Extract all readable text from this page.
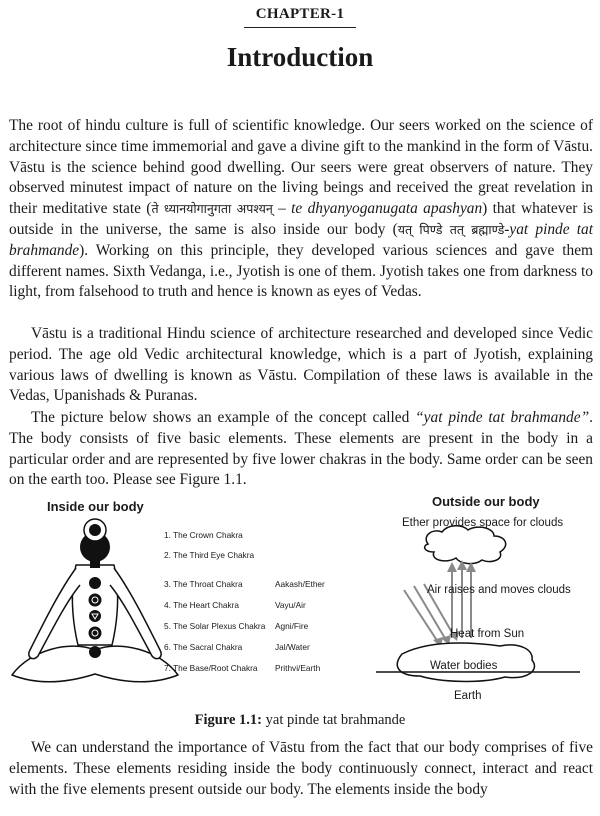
CHAPTER-1
Introduction

The root of hindu culture is full of scientific knowledge. Our seers worked on the science of architecture since time immemorial and gave a divine gift to the mankind in the form of Vāstu. Vāstu is the science behind good dwelling. Our seers were great observers of nature. They observed minutest impact of nature on the living beings and received the great revelation in their meditative state (ते ध्यानयोगानुगता अपश्यन् – te dhyanyoganugata apashyan) that whatever is outside in the universe, the same is also inside our body (यत् पिण्डे तत् ब्रह्माण्डे-yat pinde tat brahmande). Working on this principle, they developed various sciences and gave them different names. Sixth Vedanga, i.e., Jyotish is one of them. Jyotish takes one from darkness to light, from falsehood to truth and hence is known as eyes of Vedas.

Vāstu is a traditional Hindu science of architecture researched and developed since Vedic period. The age old Vedic architectural knowledge, which is a part of Jyotish, explaining various laws of dwelling is known as Vāstu. Compilation of these laws is available in the Vedas, Upanishads & Puranas.

The picture below shows an example of the concept called “yat pinde tat brahmande”. The body consists of five basic elements. These elements are present in the body in a particular order and are represented by five lower chakras in the body. Same order can be seen on the earth too. Please see Figure 1.1.

Inside our body	Outside our body
1. The Crown Chakra
2. The Third Eye Chakra
3. The Throat Chakra	Aakash/Ether
4. The Heart Chakra	Vayu/Air
5. The Solar Plexus Chakra Agni/Fire
6. The Sacral Chakra	Jal/Water
7. The Base/Root Chakra Prithvi/Earth
Ether provides space for clouds
Air raises and moves clouds
Heat from Sun
Water bodies
Earth
Figure 1.1: yat pinde tat brahmande

We can understand the importance of Vāstu from the fact that our body comprises of five elements. These elements residing inside the body continuously connect, interact and react with the five elements present outside our body. The elements inside the body
